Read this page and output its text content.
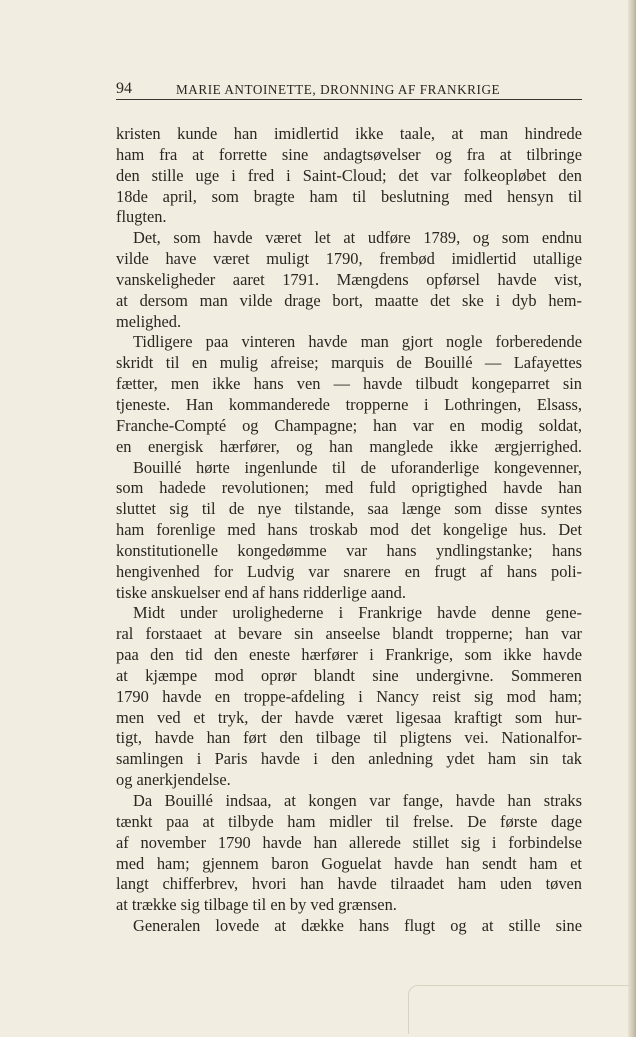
94	MARIE ANTOINETTE, DRONNING AF FRANKRIGE
kristen kunde han imidlertid ikke taale, at man hindrede
ham fra at forrette sine andagtsøvelser og fra at tilbringe
den stille uge i fred i Saint-Cloud; det var folkeopløbet den
18de april, som bragte ham til beslutning med hensyn til
flugten.
Det, som havde været let at udføre 1789, og som endnu
vilde have været muligt 1790, frembød imidlertid utallige
vanskeligheder aaret 1791. Mængdens opførsel havde vist,
at dersom man vilde drage bort, maatte det ske i dyb hem-
melighed.
Tidligere paa vinteren havde man gjort nogle forberedende
skridt til en mulig afreise; marquis de Bouillé — Lafayettes
fætter, men ikke hans ven — havde tilbudt kongeparret sin
tjeneste. Han kommanderede tropperne i Lothringen, Elsass,
Franche-Compté og Champagne; han var en modig soldat,
en energisk hærfører, og han manglede ikke ærgjerrighed.
Bouillé hørte ingenlunde til de uforanderlige kongevenner,
som hadede revolutionen; med fuld oprigtighed havde han
sluttet sig til de nye tilstande, saa længe som disse syntes
ham forenlige med hans troskab mod det kongelige hus. Det
konstitutionelle kongedømme var hans yndlingstanke; hans
hengivenhed for Ludvig var snarere en frugt af hans poli-
tiske anskuelser end af hans ridderlige aand.
Midt under urolighederne i Frankrige havde denne gene-
ral forstaaet at bevare sin anseelse blandt tropperne; han var
paa den tid den eneste hærfører i Frankrige, som ikke havde
at kjæmpe mod oprør blandt sine undergivne. Sommeren
1790 havde en troppe-afdeling i Nancy reist sig mod ham;
men ved et tryk, der havde været ligesaa kraftigt som hur-
tigt, havde han ført den tilbage til pligtens vei. Nationalfor-
samlingen i Paris havde i den anledning ydet ham sin tak
og anerkjendelse.
Da Bouillé indsaa, at kongen var fange, havde han straks
tænkt paa at tilbyde ham midler til frelse. De første dage
af november 1790 havde han allerede stillet sig i forbindelse
med ham; gjennem baron Goguelat havde han sendt ham et
langt chifferbrev, hvori han havde tilraadet ham uden tøven
at trække sig tilbage til en by ved grænsen.
Generalen lovede at dække hans flugt og at stille sine
